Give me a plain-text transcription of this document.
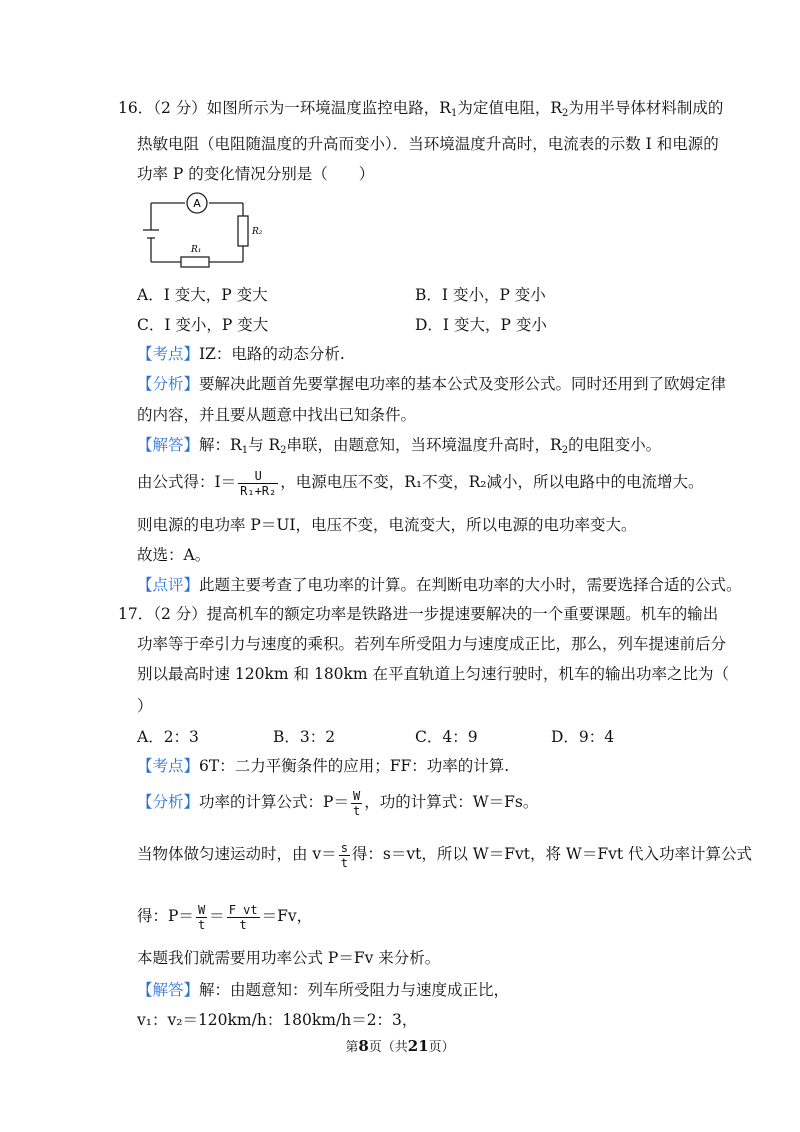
16．（2 分）如图所示为一环境温度监控电路，$R_1$为定值电阻，$R_2$为用半导体材料制成的
热敏电阻（电阻随温度的升高而变小）．当环境温度升高时，电流表的示数 I 和电源的
功率 P 的变化情况分别是（　　）
A
R₂
R₁
A．I 变大，P 变大	B．I 变小，P 变小
C．I 变小，P 变大	D．I 变大，P 变小
【考点】IZ：电路的动态分析.
【分析】要解决此题首先要掌握电功率的基本公式及变形公式。同时还用到了欧姆定律
的内容，并且要从题意中找出已知条件。
【解答】解：$R_1$与 $R_2$串联，由题意知，当环境温度升高时，$R_2$的电阻变小。
由公式得：$I= \frac{U}{\text{R₁+R₂}}$ ，电源电压不变，R₁不变，R₂减小，所以电路中的电流增大。
则电源的电功率 P＝UI，电压不变，电流变大，所以电源的电功率变大。
故选：A。
【点评】此题主要考查了电功率的计算。在判断电功率的大小时，需要选择合适的公式。
17．（2 分）提高机车的额定功率是铁路进一步提速要解决的一个重要课题。机车的输出
功率等于牵引力与速度的乘积。若列车所受阻力与速度成正比，那么，列车提速前后分
别以最高时速 120km 和 180km 在平直轨道上匀速行驶时，机车的输出功率之比为（
）
A．2：3	B．3：2	C．4：9	D．9：4
【考点】6T：二力平衡条件的应用；FF：功率的计算.
【分析】功率的计算公式：$P= \frac{W}{t}$ ，功的计算式：W＝Fs。
当物体做匀速运动时，由 $v= \frac{s}{t}$ 得：s＝vt，所以 W＝Fvt，将 W＝Fvt 代入功率计算公式
得：$P= \frac{W}{t} = \frac{\text{F vt}}{t} =Fv$，
本题我们就需要用功率公式 P＝Fv 来分析。
【解答】解：由题意知：列车所受阻力与速度成正比，
v₁：v₂＝120km/h：180km/h＝2：3，
第8页（共21页）
